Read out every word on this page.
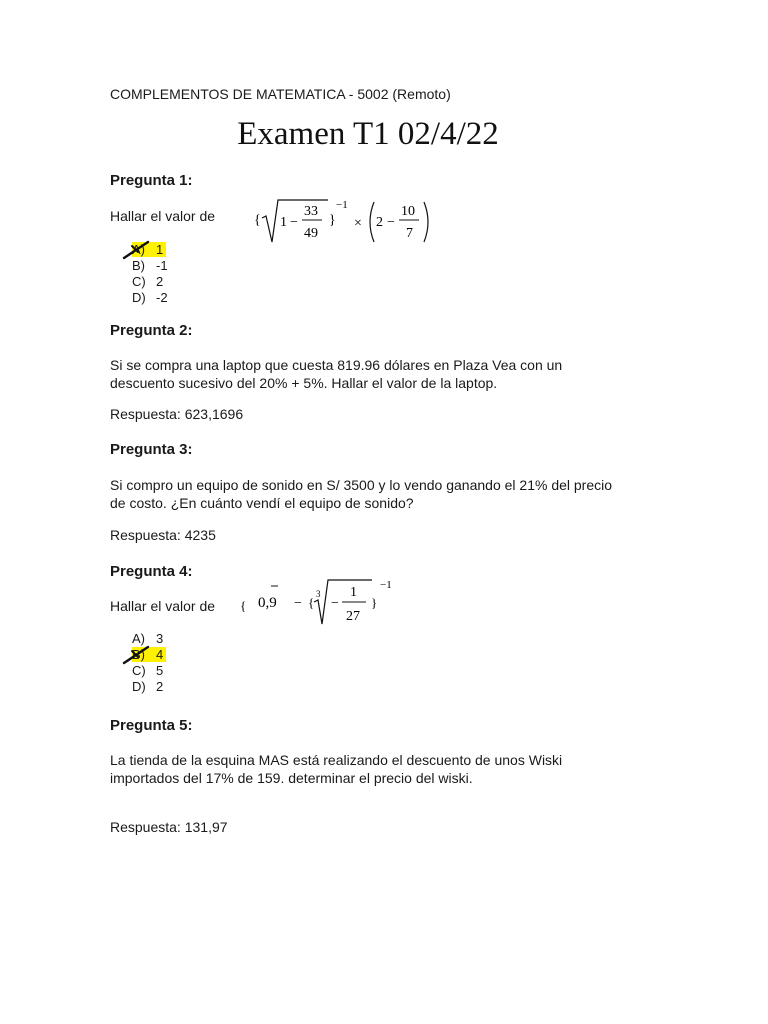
COMPLEMENTOS DE MATEMATICA - 5002 (Remoto)
Examen T1 02/4/22
Pregunta 1:
Hallar el valor de	{ 1 −
33
49
}
−1
× 2 −
10
7
A) 1
B) -1
C) 2
D) -2
Pregunta 2:
Si se compra una laptop que cuesta 819.96 dólares en Plaza Vea con un descuento sucesivo del 20% + 5%. Hallar el valor de la laptop.
Respuesta: 623,1696
Pregunta 3:
Si compro un equipo de sonido en S/ 3500 y lo vendo ganando el 21% del precio de costo. ¿En cuánto vendí el equipo de sonido?
Respuesta: 4235
Pregunta 4:
Hallar el valor de { 0,9 − {
3
−
1
27
}
−1
A) 3
B) 4
C) 5
D) 2
Pregunta 5:
La tienda de la esquina MAS está realizando el descuento de unos Wiski importados del 17% de 159. determinar el precio del wiski.
Respuesta: 131,97
